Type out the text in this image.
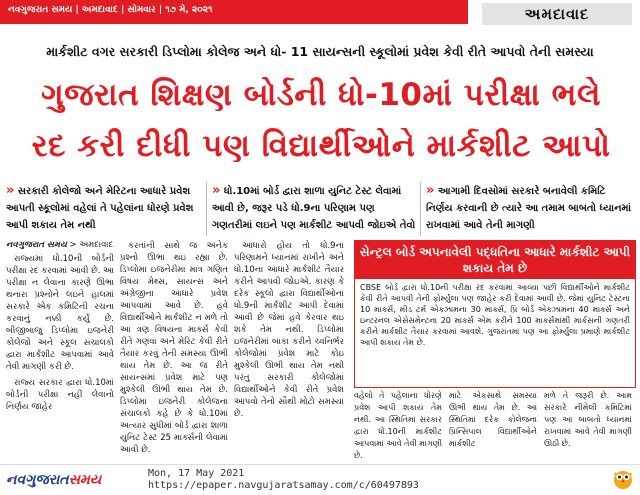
નવગુજરાત સમય | અમદાવાદ | સોમવાર | ૧૭ મે, ૨૦૨૧	અમદાવાદ
માર્કશીટ વગર સરકારી ડિપ્લોમા કોલેજ અને ધો- 11 સાયન્સની સ્કૂલોમાં પ્રવેશ કેવી રીતે આપવો તેની સમસ્યા
ગુજરાત શિક્ષણ બોર્ડની ધો-10માં પરીક્ષા ભલે
રદ કરી દીધી પણ વિદ્યાર્થીઓને માર્કશીટ આપો
» સરકારી કોલેજો અને મેરિટના આધારે પ્રવેશ આપતી સ્કૂલોમાં વહેલાં તે પહેલાંના ધોરણે પ્રવેશ આપી શકાય તેમ નથી
» ધો.10માં બોર્ડ દ્વારા શાળા યુનિટ ટેસ્ટ લેવામાં આવી છે, જરૂર પડે ધો.9ના પરિણામ પણ ગણતરીમાં લઇને પણ માર્કશીટ આપવી જોઇએ તેવો
» આગામી દિવસોમાં સરકારે બનાવેલી કમિટિ નિર્ણય કરવાની છે ત્યારે આ તમામ બાબતો ધ્યાનમાં રાખવામાં આવે તેની માગણી
નવગુજરાત સમય > અમદાવાદ

રાજ્યમાં ધો.10ની બોર્ડની પરીક્ષા રદ કરવામાં આવી છે. આ પરીક્ષા ન લેવાના કારણે ઊભા થનારા પ્રશ્નોને લઇને હાલમાં સરકારે એક કમિટિની રચના કરવાનું નક્કી કર્યું છે. બીજીબાજુ ડિપ્લોમા ઇજનેરી કોલેજો અને સ્કૂલ સંચાલકો દ્વારા માર્કશીટ આપવામાં આવે તેવી માગણી કરી છે.

રાજ્ય સરકાર દ્વારા ધો.10માં બોર્ડની પરીક્ષા નહીં લેવાનો નિર્ણય જાહેર

કરતાંની સાથે જ અનેક પ્રશ્નો ઊભા થઇ રહ્યા છે. ડિપ્લોમા ઇજનેરીમાં માત્ર ગણિત વિષય મેથ્સ, સાયન્સ અને અંગ્રેજીના આધારે પ્રવેશ આપવામાં આવે છે. હવે વિદ્યાર્થીઓને માર્કશીટ ન મળે તો આ ત્રણ વિષયના માર્ક્સ કેવી રીતે ગણવા અને મેરિટ કેવી રીતે તૈયાર કરવું તેની સમસ્યા ઊભી થાય તેમ છે. આ જ રીતે સાયન્સમાં પ્રવેશ માટે પણ મુશ્કેલી ઊભી થાય તેમ છે. ડિપ્લોમા ઇજનેરી કોલેજના સંચાલકો કહે છે કે ધો.10માં અત્યાર સુધીમાં બોર્ડ દ્વારા શાળા યુનિટ ટેસ્ટ 25 માર્ક્સની લેવામાં આવી છે.

આધારો હોય તો ધો.9ના પરિણામને ધ્યાનમાં રાખીને અને ધો.10ના આધારે માર્કશીટ તૈયાર કરીને આપવી જોઇએ. કારણ કે દરેક સ્કૂલો દ્વારા વિદ્યાર્થીઓના ધો.9ની માર્કશીટ આપી દેવામાં આવી છે જેમાં હવે કેરવાર થઇ શકે તેમ નથી. ડિપ્લોમા ઇજનેરીમાં બાકા કરીને ચ્વનિર્ભર કોલેજોમાં પ્રવેશ માટે કોઇ મુશ્કેલી ઊભી થાય તેમ નથી પરંતુ સરકારી કોલેજોમાં વિદ્યાર્થીઓને કેવી રીતે પ્રવેશ આપવો તેનો સૌથી મોટો સમસ્યા છે.

સેન્ટ્રલ બોર્ડ અપનાવેલી પદ્ધતિના આધારે માર્કશીટ આપી શકાય તેમ છે
CBSE બોર્ડ દ્વારા ધો.10ની પરીક્ષા રદ કરવામાં આવ્યા પછી વિદ્યાર્થીઓને માર્કશીટ કેવી રીતે આપવી તેની ફોર્મ્યુલા પણ જાહેર કરી દેવામાં આવી છે. જેમાં યુનિટ ટેસ્ટના 10 માર્ક્સ, મીડ ટર્મ એક્ઝામના 30 માર્ક્સ, પ્રિ બોર્ડ એક્ઝામના 40 માર્ક્સ અને ઇન્ટરનલ એસેસમેન્ટના 20 માર્ક્સ એમ કરીને 100 માર્ક્સમાંથી માર્કસની ગણતરી કરીને માર્કશીટ તૈયાર કરવામાં આવશે. ગુજરાતમાં પણ આ ફોર્મ્યુલા પ્રમાણે માર્કશીટ આપી શકાય તેમ છે.
વહેલો તે પહેલાના ધોરણે પ્રવેશ આપી શકાય તેમ નથી. આ સ્થિતિમાં સરકાર દ્વારા ધો.10ની માર્કશીટ આપવામાં આવે તેવી માગણી છે.
માટે એકસાથે સમસ્યા ઊભી થાય તેમ છે. આ સ્થિતિમાં દરેક કોલેજના પ્રિન્સિપાલ વિદ્યાર્થીઓને માર્કશીટ
મળે તે જરૂરી છે. આમ સરકારે નીમેલી કમિટિમાં પણ આ બાબતો ધ્યાનમાં રાખવામાં આવે તેવી માગણી ઊઠી છે.
નવગુજરાતસમય	Mon, 17 May 2021
https://epaper.navgujaratsamay.com/c/60497893
